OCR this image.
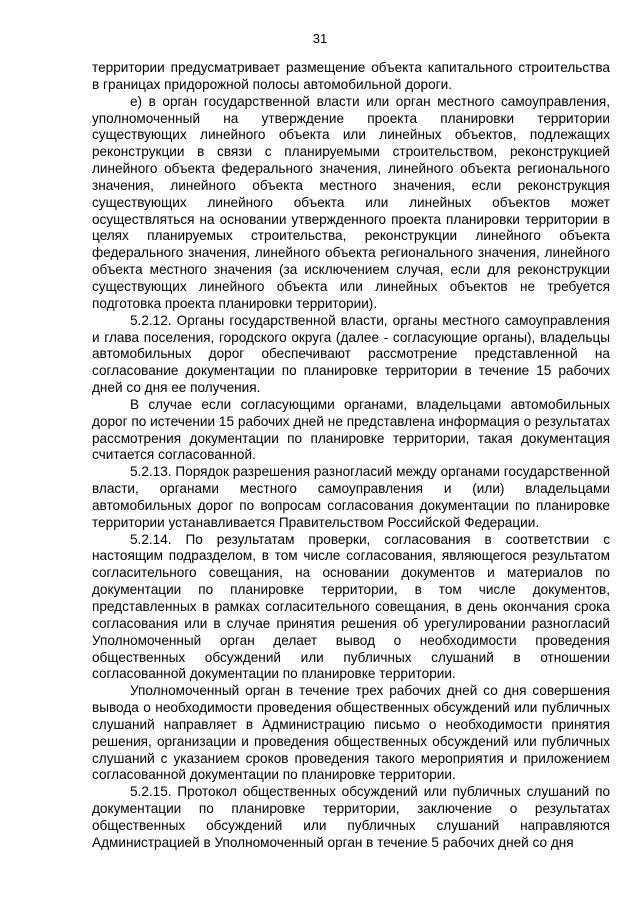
31

территории предусматривает размещение объекта капитального строительства в границах придорожной полосы автомобильной дороги.

е) в орган государственной власти или орган местного самоуправления, уполномоченный на утверждение проекта планировки территории существующих линейного объекта или линейных объектов, подлежащих реконструкции в связи с планируемыми строительством, реконструкцией линейного объекта федерального значения, линейного объекта регионального значения, линейного объекта местного значения, если реконструкция существующих линейного объекта или линейных объектов может осуществляться на основании утвержденного проекта планировки территории в целях планируемых строительства, реконструкции линейного объекта федерального значения, линейного объекта регионального значения, линейного объекта местного значения (за исключением случая, если для реконструкции существующих линейного объекта или линейных объектов не требуется подготовка проекта планировки территории).

5.2.12. Органы государственной власти, органы местного самоуправления и глава поселения, городского округа (далее - согласующие органы), владельцы автомобильных дорог обеспечивают рассмотрение представленной на согласование документации по планировке территории в течение 15 рабочих дней со дня ее получения.

В случае если согласующими органами, владельцами автомобильных дорог по истечении 15 рабочих дней не представлена информация о результатах рассмотрения документации по планировке территории, такая документация считается согласованной.

5.2.13. Порядок разрешения разногласий между органами государственной власти, органами местного самоуправления и (или) владельцами автомобильных дорог по вопросам согласования документации по планировке территории устанавливается Правительством Российской Федерации.

5.2.14. По результатам проверки, согласования в соответствии с настоящим подразделом, в том числе согласования, являющегося результатом согласительного совещания, на основании документов и материалов по документации по планировке территории, в том числе документов, представленных в рамках согласительного совещания, в день окончания срока согласования или в случае принятия решения об урегулировании разногласий Уполномоченный орган делает вывод о необходимости проведения общественных обсуждений или публичных слушаний в отношении согласованной документации по планировке территории.

Уполномоченный орган в течение трех рабочих дней со дня совершения вывода о необходимости проведения общественных обсуждений или публичных слушаний направляет в Администрацию письмо о необходимости принятия решения, организации и проведения общественных обсуждений или публичных слушаний с указанием сроков проведения такого мероприятия и приложением согласованной документации по планировке территории.

5.2.15. Протокол общественных обсуждений или публичных слушаний по документации по планировке территории, заключение о результатах общественных обсуждений или публичных слушаний направляются Администрацией в Уполномоченный орган в течение 5 рабочих дней со дня
